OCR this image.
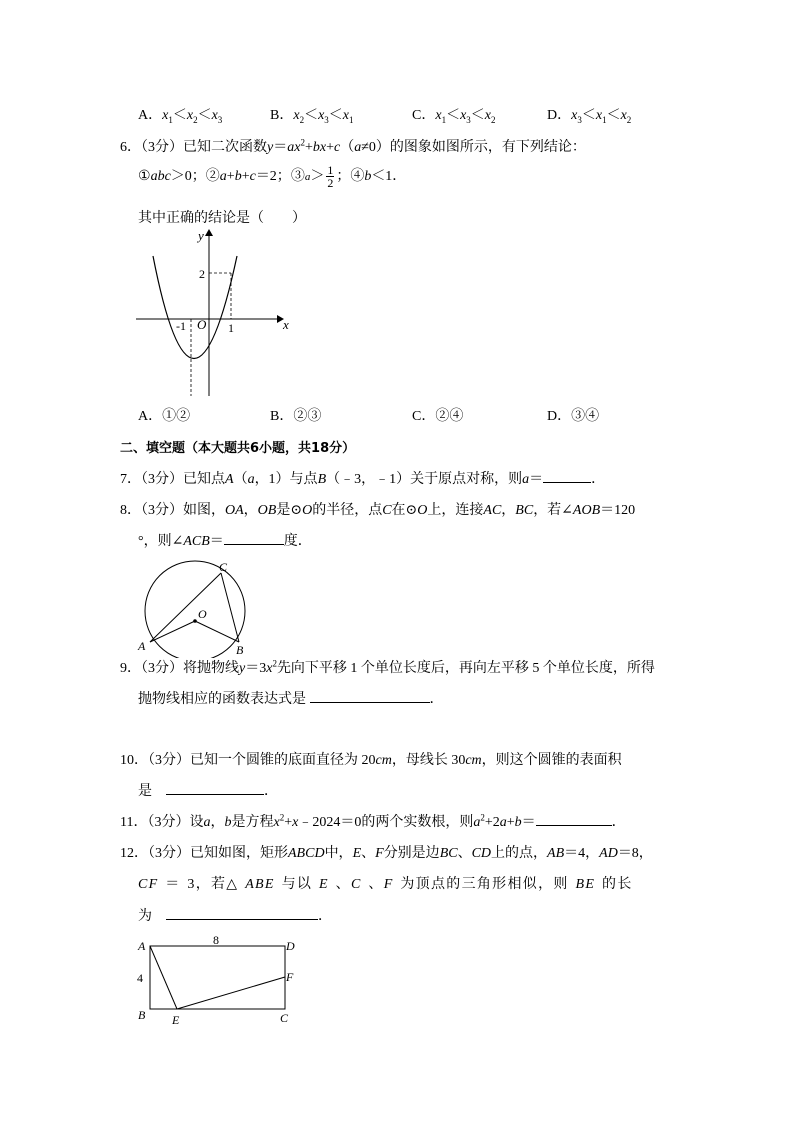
A．$x_1<x_2<x_3$	B．$x_2<x_3<x_1$	C．$x_1<x_3<x_2$	D．$x_3<x_1<x_2$
6．（3分）已知二次函数$y=ax^2+bx+c(a\ne 0)$的图象如图所示，有下列结论：
①abc＞0；②a+b+c＝2；③a＞ $\frac{1}{2}$ ；④b＜1．
其中正确的结论是（　　）
y
2
-1 O 1	x
A．①②	B．②③	C．②④	D．③④
二、填空题（本大题共6小题，共18分）
7．（3分）已知点A（a，1）与点B（﹣3，﹣1）关于原点对称，则a＝	．
8．（3分）如图，OA，OB是⊙O的半径，点C在⊙O上，连接AC，BC，若∠AOB＝120
°，则∠ACB＝	度．
C
O
A	B
9．（3分）将抛物线$y=3x^2$先向下平移 1 个单位长度后，再向左平移 5 个单位长度，所得
抛物线相应的函数表达式是	．
10．（3分）已知一个圆锥的底面直径为 20cm，母线长 30cm，则这个圆锥的表面积
是　	．
11．（3分）设a，b是方程$x^2+x﹣2024=0$的两个实数根，则$a^2+2a+b=$	．
12．（3分）已知如图，矩形ABCD中，E、F分别是边BC、CD上的点，AB＝4，AD＝8，
CF ＝ 3，若△ ABE 与以 E 、C 、F 为顶点的三角形相似，则 BE 的长
为　	．
A	8	D
4	F
B E	C
